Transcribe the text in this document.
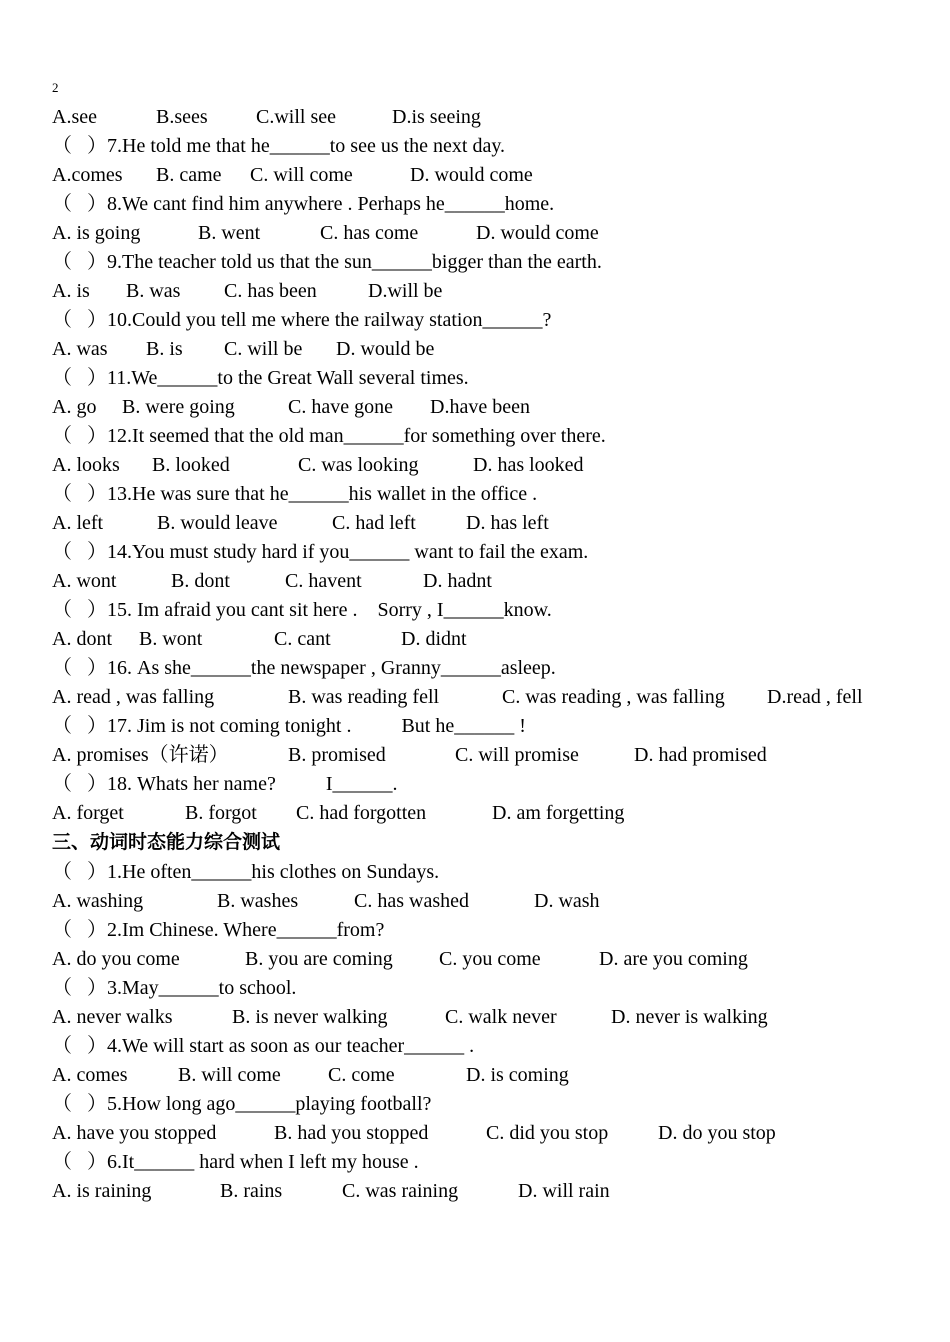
2
A.see	B.sees C.will see	D.is seeing
（   ）7.He told me that he______to see us the next day.
A.comes B. came C. will come	D. would come
（   ）8.We cant find him anywhere . Perhaps he______home.
A. is going	B. went	C. has come	D. would come
（   ）9.The teacher told us that the sun______bigger than the earth.
A. is B. was C. has been	D.will be
（   ）10.Could you tell me where the railway station______?
A. was B. is C. will be D. would be
（   ）11.We______to the Great Wall several times.
A. go B. were going	C. have gone D.have been
（   ）12.It seemed that the old man______for something over there.
A. looks B. looked	C. was looking	D. has looked
（   ）13.He was sure that he______his wallet in the office .
A. left	B. would leave	C. had left	D. has left
（   ）14.You must study hard if you______ want to fail the exam.
A. wont	B. dont	C. havent	D. hadnt
（   ）15. Im afraid you cant sit here .    Sorry , I______know.
A. dont B. wont	C. cant	D. didnt
（   ）16. As she______the newspaper , Granny______asleep.
A. read , was falling	B. was reading fell	C. was reading , was falling D.read , fell
（   ）17. Jim is not coming tonight .          But he______ !
A. promises（许诺）	B. promised	C. will promise	D. had promised
（   ）18. Whats her name?          I______.
A. forget	B. forgot C. had forgotten	D. am forgetting
三、动词时态能力综合测试
（   ）1.He often______his clothes on Sundays.
A. washing	B. washes	C. has washed	D. wash
（   ）2.Im Chinese. Where______from?
A. do you come	B. you are coming C. you come	D. are you coming
（   ）3.May______to school.
A. never walks	B. is never walking	C. walk never	D. never is walking
（   ）4.We will start as soon as our teacher______ .
A. comes	B. will come C. come	D. is coming
（   ）5.How long ago______playing football?
A. have you stopped	B. had you stopped	C. did you stop D. do you stop
（   ）6.It______ hard when I left my house .
A. is raining	B. rains	C. was raining	D. will rain
